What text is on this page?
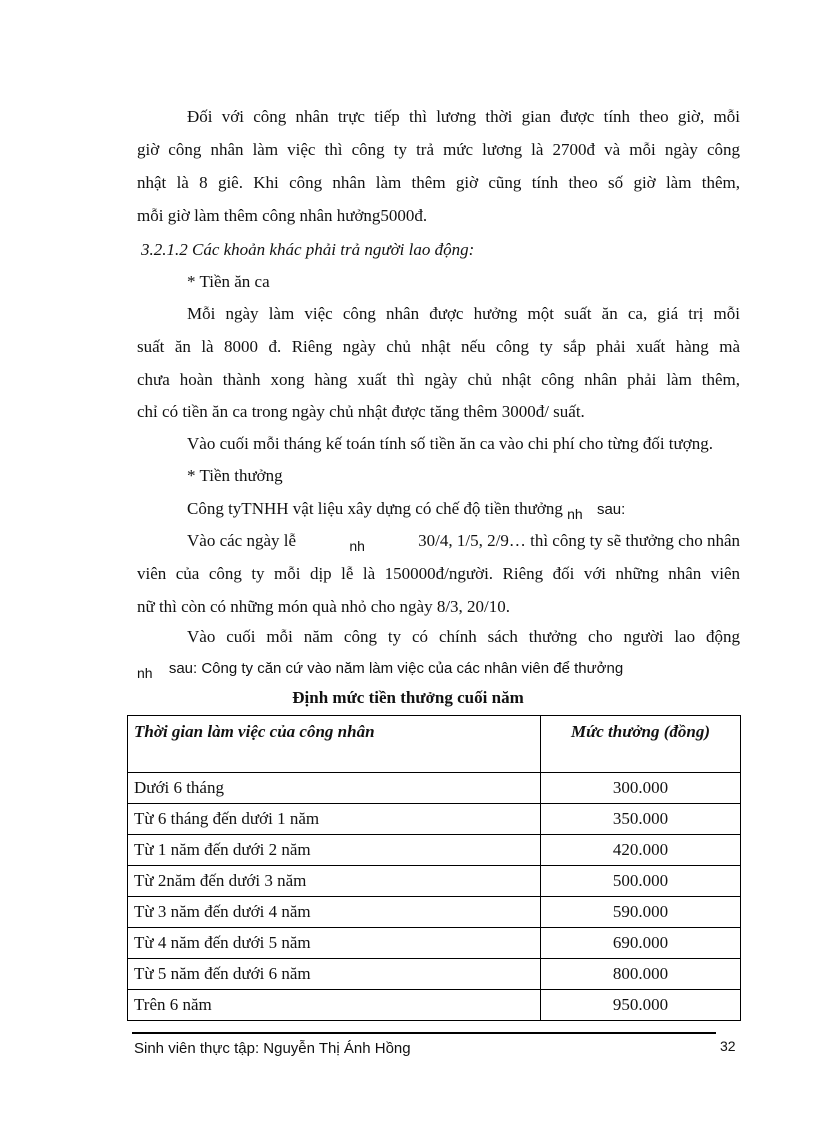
Đối với công nhân trực tiếp thì lương thời gian được tính theo giờ, mỗi
giờ công nhân làm việc thì công ty trả mức lương là 2700đ và mỗi ngày công
nhật là 8 giê. Khi công nhân làm thêm giờ cũng tính theo số giờ làm thêm,
mỗi giờ làm thêm công nhân hưởng5000đ.
3.2.1.2 Các khoản khác phải trả người lao động:
* Tiền ăn ca
Mỗi ngày làm việc công nhân được hưởng một suất ăn ca, giá trị mỗi
suất ăn là 8000 đ. Riêng ngày chủ nhật nếu công ty sắp phải xuất hàng mà
chưa hoàn thành xong hàng xuất thì ngày chủ nhật công nhân phải làm thêm,
chỉ có tiền ăn ca trong ngày chủ nhật được tăng thêm 3000đ/ suất.
Vào cuối mỗi tháng kế toán tính số tiền ăn ca vào chi phí cho từng đối tượng.
* Tiền thưởng
Công tyTNHH vật liệu xây dựng có chế độ tiền thưởng $_{nh}$ sau:
Vào các ngày lễ	nh	30/4, 1/5, 2/9… thì công ty sẽ thưởng cho nhân
viên của công ty mỗi dịp lễ là 150000đ/người. Riêng đối với những nhân viên
nữ thì còn có những món quà nhỏ cho ngày 8/3, 20/10.
Vào cuối mỗi năm công ty có chính sách thưởng cho người lao động
$_{nh}$ sau: Công ty căn cứ vào năm làm việc của các nhân viên để thưởng
Định mức tiền thưởng cuối năm
Thời gian làm việc của công nhân	Mức thưởng (đồng)
Dưới 6 tháng	300.000
Từ 6 tháng đến dưới 1 năm	350.000
Từ 1 năm đến dưới 2 năm	420.000
Từ 2năm đến dưới 3 năm	500.000
Từ 3 năm đến dưới 4 năm	590.000
Từ 4 năm đến dưới 5 năm	690.000
Từ 5 năm đến dưới 6 năm	800.000
Trên 6 năm	950.000
Sinh viên thực tập: Nguyễn Thị Ánh Hồng	32
